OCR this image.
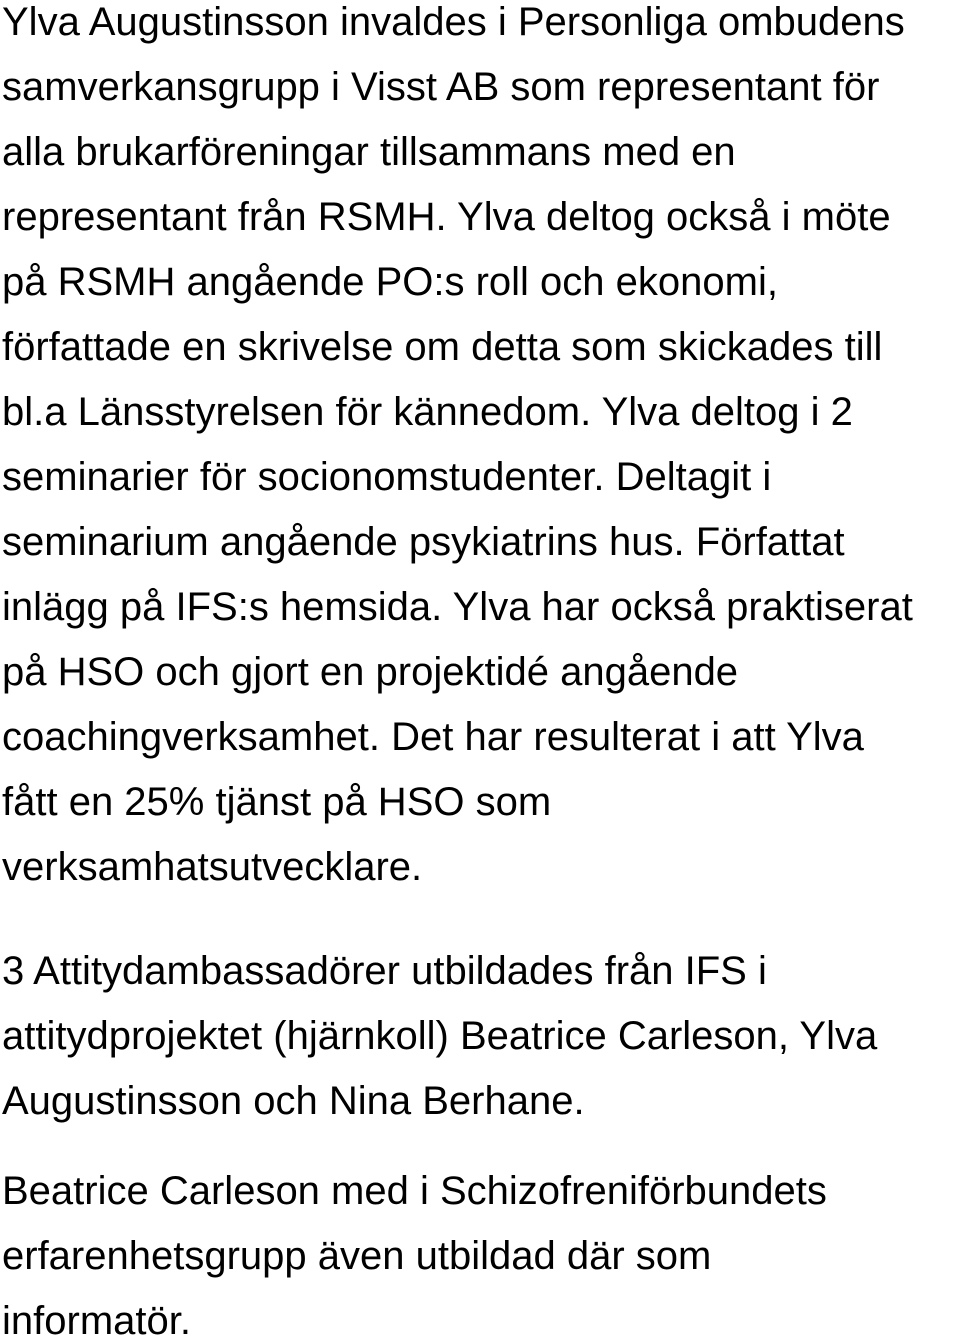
Ylva Augustinsson invaldes i Personliga ombudens
samverkansgrupp i Visst AB som representant för
alla brukarföreningar tillsammans med en
representant från RSMH. Ylva deltog också i möte
på RSMH angående PO:s roll och ekonomi,
författade en skrivelse om detta som skickades till
bl.a Länsstyrelsen för kännedom. Ylva deltog i 2
seminarier för socionomstudenter. Deltagit i
seminarium angående psykiatrins hus. Författat
inlägg på IFS:s hemsida. Ylva har också praktiserat
på HSO och gjort en projektidé angående
coachingverksamhet. Det har resulterat i att Ylva
fått en 25% tjänst på HSO som
verksamhatsutvecklare.
3 Attitydambassadörer utbildades från IFS i
attitydprojektet (hjärnkoll) Beatrice Carleson, Ylva
Augustinsson och Nina Berhane.
Beatrice Carleson med i Schizofreniförbundets
erfarenhetsgrupp även utbildad där som
informatör.
